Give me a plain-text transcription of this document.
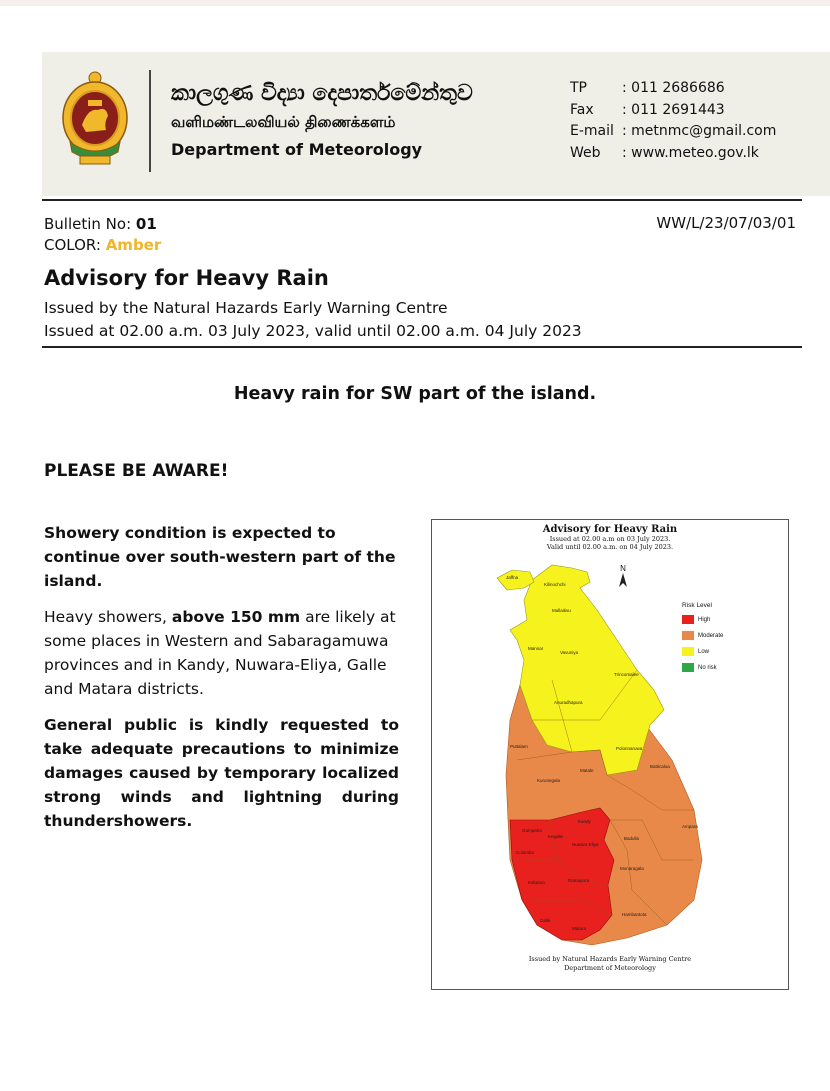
කාලගුණ විද්‍යා දෙපාර්තමේන්තුව
வளிமண்டலவியல் திணைக்களம்
Department of Meteorology
TP	: 011 2686686
Fax	: 011 2691443
E-mail : metnmc@gmail.com
Web	: www.meteo.gov.lk
Bulletin No: 01
COLOR: Amber
WW/L/23/07/03/01
Advisory for Heavy Rain
Issued by the Natural Hazards Early Warning Centre
Issued at 02.00 a.m. 03 July 2023, valid until 02.00 a.m. 04 July 2023
Heavy rain for SW part of the island.
PLEASE BE AWARE!

Showery condition is expected to continue over south-western part of the island.

Heavy showers, above 150 mm are likely at some places in Western and Sabaragamuwa provinces and in Kandy, Nuwara-Eliya, Galle and Matara districts.

General public is kindly requested to take adequate precautions to minimize damages caused by temporary localized strong winds and lightning during thundershowers.

Advisory for Heavy Rain
Issued at 02.00 a.m on 03 July 2023.
Valid until 02.00 a.m. on 04 July 2023.
N
Jaffna
Kilinochchi
Mullaitivu
Mannar
Vavuniya
Trincomalee
Anuradhapura
Puttalam	Polonnaruwa
Kurunegala
Matale
Batticaloa
Ampara
Kandy
Badulla
Monaragala
Gampaha
Colombo
Kegalle
Ratnapura
Kalutara
Nuwara Eliya
Hambantota
Galle
Matara
Risk Level
High
Moderate
Low
No risk
Issued by Natural Hazards Early Warning Centre
Department of Meteorology
